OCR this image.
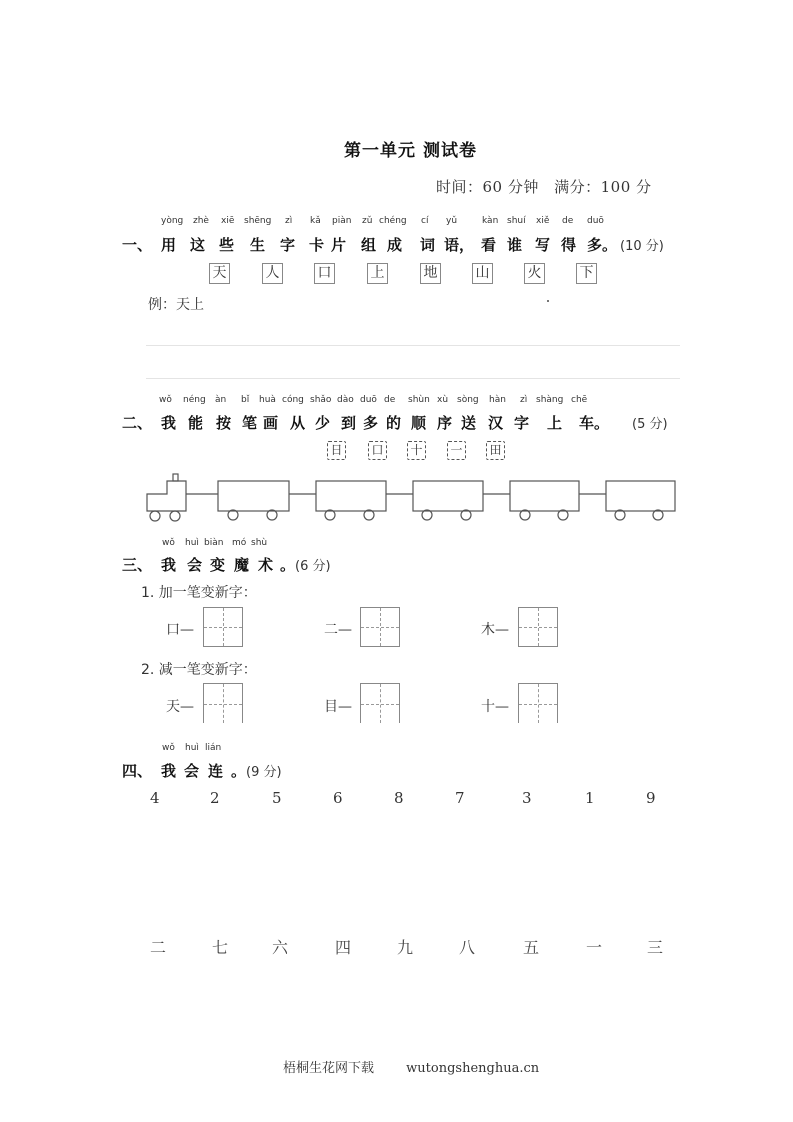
第一单元 测试卷
时间：60 分钟 满分：100 分
yòng zhè xiē shēng zì kǎ piàn zǔ chéng cí yǔ	kàn shuí xiě de duō
一、 用 这 些 生 字 卡 片 组 成 词 语， 看 谁 写 得 多。 (10 分)
天	人	口	上	地	山	火	下
例：天上
wǒ néng àn bǐ huà cóng shǎo dào duō de shùn xù sòng hàn zì shàng chē
二、 我 能 按 笔 画 从 少 到 多 的 顺 序 送 汉 字 上 车。 (5 分)
日 口 十 一 田
wǒ huì biàn mó shù
三、 我 会 变 魔 术 。 (6 分)
1. 加一笔变新字：
口—	二—	木—
2. 减一笔变新字：
天—	目—	十—
wǒ huì lián
四、 我 会 连 。 (9 分)
4	2	5	6	8	7	3	1	9
二	七	六	四	九	八	五	一	三
梧桐生花网下载 wutongshenghua.cn
